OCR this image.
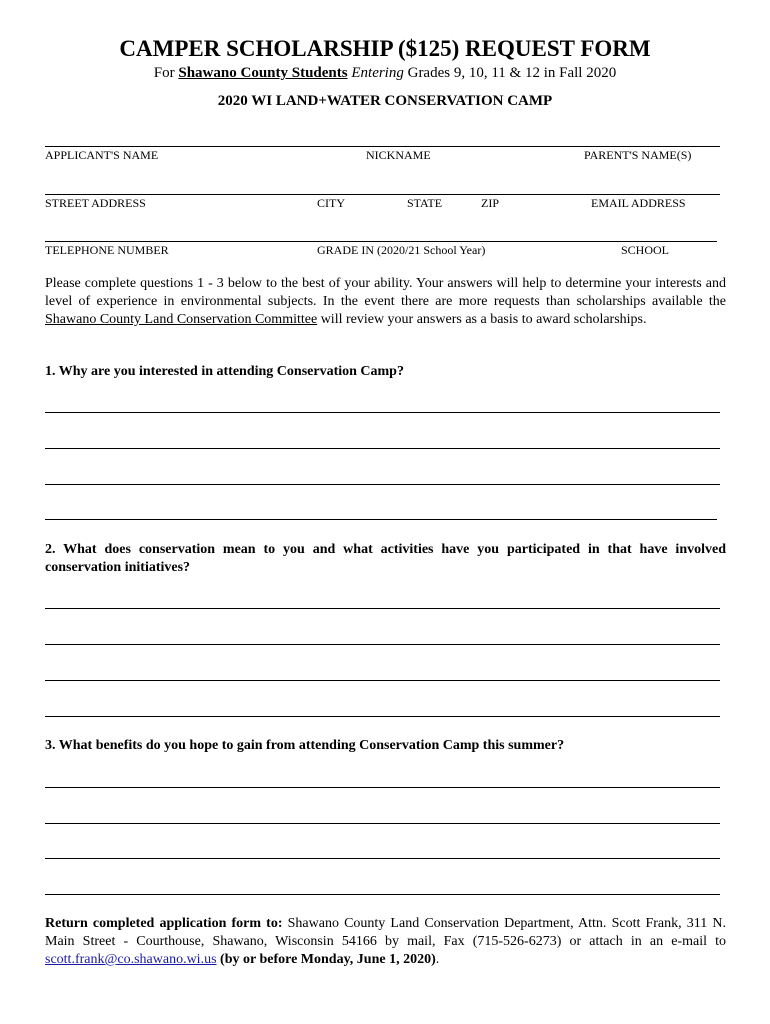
CAMPER SCHOLARSHIP ($125) REQUEST FORM
For Shawano County Students Entering Grades 9, 10, 11 & 12 in Fall 2020
2020 WI LAND+WATER CONSERVATION CAMP
APPLICANT'S NAME	NICKNAME	PARENT'S NAME(S)
STREET ADDRESS	CITY	STATE	ZIP	EMAIL ADDRESS
TELEPHONE NUMBER	GRADE IN (2020/21 School Year)	SCHOOL
Please complete questions 1 - 3 below to the best of your ability. Your answers will help to determine your interests and level of experience in environmental subjects. In the event there are more requests than scholarships available the Shawano County Land Conservation Committee will review your answers as a basis to award scholarships.
1. Why are you interested in attending Conservation Camp?
2. What does conservation mean to you and what activities have you participated in that have involved conservation initiatives?
3. What benefits do you hope to gain from attending Conservation Camp this summer?
Return completed application form to: Shawano County Land Conservation Department, Attn. Scott Frank, 311 N. Main Street - Courthouse, Shawano, Wisconsin 54166 by mail, Fax (715-526-6273) or attach in an e-mail to scott.frank@co.shawano.wi.us (by or before Monday, June 1, 2020).
